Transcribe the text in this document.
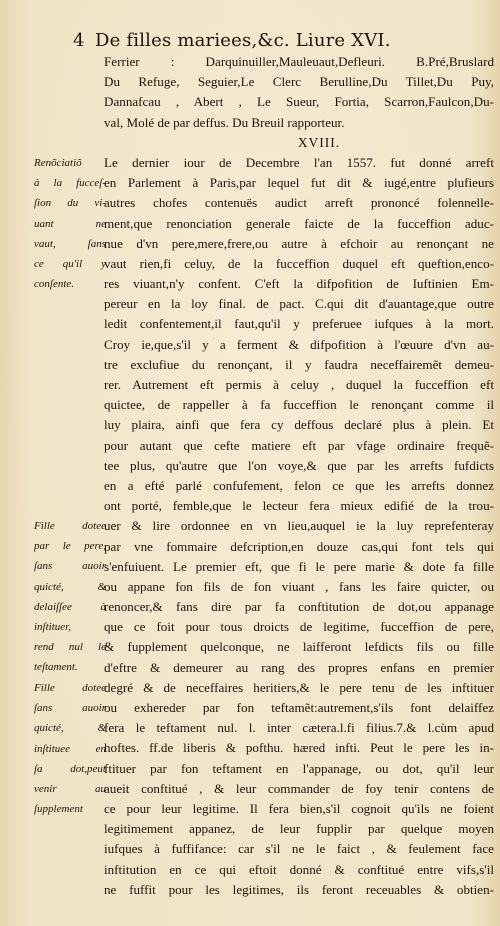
4 De filles mariees,&c. Liure XVI.
Ferrier : Darquinuiller,Mauleuaut,Defleuri. B.Pré,Bruslard
Du Refuge, Seguier,Le Clerc Berulline,Du Tillet,Du Puy,
Dannafcau , Abert , Le Sueur, Fortia, Scarron,Faulcon,Du-
val, Molé de par deffus. Du Breuil rapporteur.
XVIII.
Le dernier iour de Decembre l'an 1557. fut donné arreft
en Parlement à Paris,par lequel fut dit & iugé,entre plufieurs
autres chofes contenuës audict arreft prononcé folennelle-
ment,que renonciation generale faicte de la fucceffion aduc-
nue d'vn pere,mere,frere,ou autre à efchoir au renonçant ne
vaut rien,fi celuy, de la fucceffion duquel eft queftion,enco-
res viuant,n'y confent. C'eft la difpofition de Iuftinien Em-
pereur en la loy final. de pact. C.qui dit d'auantage,que outre
ledit confentement,il faut,qu'il y preferuee iufques à la mort.
Croy ie,que,s'il y a ferment & difpofition à l'œuure d'vn au-
tre exclufiue du renonçant, il y faudra neceffairemẽt demeu-
rer. Autrement eft permis à celuy , duquel la fucceffion eft
quictee, de rappeller à fa fucceffion le renonçant comme il
luy plaira, ainfi que fera cy deffous declaré plus à plein. Et
pour autant que cefte matiere eft par vfage ordinaire frequẽ-
tee plus, qu'autre que l'on voye,& que par les arrefts fufdicts
en a efté parlé confufement, felon ce que les arrefts donnez
ont porté, femble,que le lecteur fera mieux edifié de la trou-
uer & lire ordonnee en vn lieu,auquel ie la luy reprefenteray
par vne fommaire defcription,en douze cas,qui font tels qui
s'enfuiuent. Le premier eft, que fi le pere marie & dote fa fille
ou appane fon fils de fon viuant , fans les faire quicter, ou
renoncer,& fans dire par fa conftitution de dot,ou appanage
que ce foit pour tous droicts de legitime, fucceffion de pere,
& fupplement quelconque, ne laifferont lefdicts fils ou fille
d'eftre & demeurer au rang des propres enfans en premier
degré & de neceffaires heritiers,& le pere tenu de les inftituer
ou exhereder par fon teftamẽt:autrement,s'ils font delaiffez
fera le teftament nul. l. inter cætera.l.fi filius.7.& l.cùm apud
hoftes. ff.de liberis & pofthu. hæred infti. Peut le pere les in-
ftituer par fon teftament en l'appanage, ou dot, qu'il leur
aueit conftitué , & leur commander de foy tenir contens de
ce pour leur legitime. Il fera bien,s'il cognoit qu'ils ne foient
legitimement appanez, de leur fupplir par quelque moyen
iufques à fuffifance: car s'il ne le faict , & feulement face
inftitution en ce qui eftoit donné & conftitué entre vifs,s'il
ne fuffit pour les legitimes, ils feront receuables & obtien-
Renõciatiõ
à la fucceſ-
ſion du vi-
uant ne
vaut, ſans
ce qu'il y
conſente.
Fille dotee
par le pere,
ſans auoir
quicté, &
delaiſſee à
inſtituer,
rend nul le
teſtament.
Fille dotee
ſans auoir
quicté, &
inſtituee en
ſa dot,peut
venir au
ſupplement
